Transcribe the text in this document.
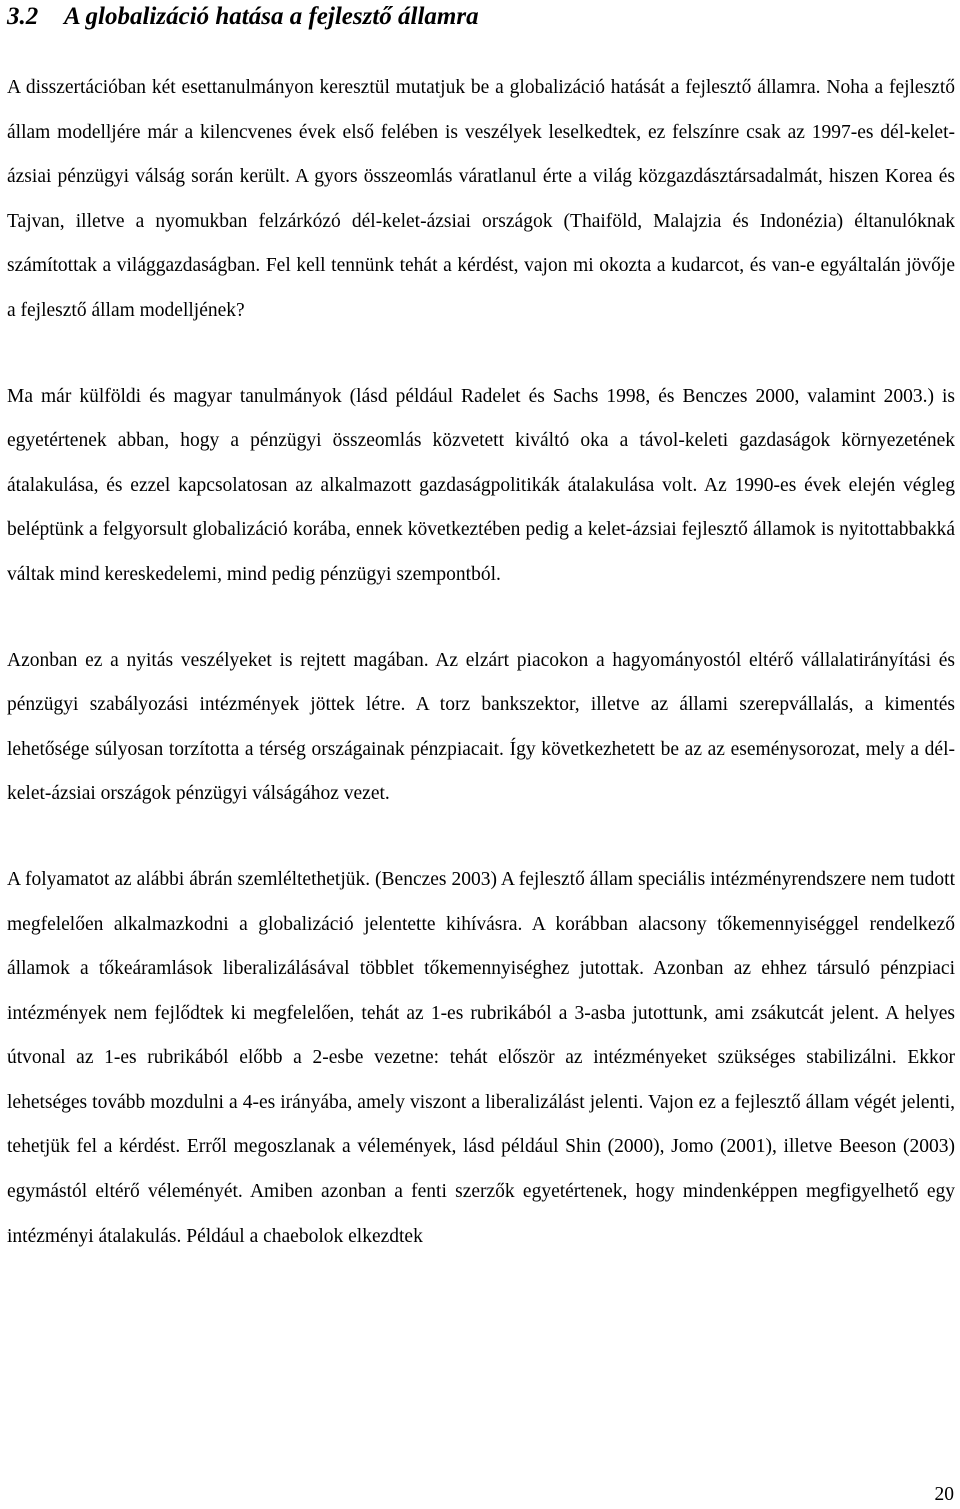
3.2 A globalizáció hatása a fejlesztő államra

A disszertációban két esettanulmányon keresztül mutatjuk be a globalizáció hatását a fejlesztő államra. Noha a fejlesztő állam modelljére már a kilencvenes évek első felében is veszélyek leselkedtek, ez felszínre csak az 1997-es dél-kelet-ázsiai pénzügyi válság során került. A gyors összeomlás váratlanul érte a világ közgazdásztársadalmát, hiszen Korea és Tajvan, illetve a nyomukban felzárkózó dél-kelet-ázsiai országok (Thaiföld, Malajzia és Indonézia) éltanulóknak számítottak a világgazdaságban. Fel kell tennünk tehát a kérdést, vajon mi okozta a kudarcot, és van-e egyáltalán jövője a fejlesztő állam modelljének?

Ma már külföldi és magyar tanulmányok (lásd például Radelet és Sachs 1998, és Benczes 2000, valamint 2003.) is egyetértenek abban, hogy a pénzügyi összeomlás közvetett kiváltó oka a távol-keleti gazdaságok környezetének átalakulása, és ezzel kapcsolatosan az alkalmazott gazdaságpolitikák átalakulása volt. Az 1990-es évek elején végleg beléptünk a felgyorsult globalizáció korába, ennek következtében pedig a kelet-ázsiai fejlesztő államok is nyitottabbakká váltak mind kereskedelemi, mind pedig pénzügyi szempontból.

Azonban ez a nyitás veszélyeket is rejtett magában. Az elzárt piacokon a hagyományostól eltérő vállalatirányítási és pénzügyi szabályozási intézmények jöttek létre. A torz bankszektor, illetve az állami szerepvállalás, a kimentés lehetősége súlyosan torzította a térség országainak pénzpiacait. Így következhetett be az az eseménysorozat, mely a dél-kelet-ázsiai országok pénzügyi válságához vezet.

A folyamatot az alábbi ábrán szemléltethetjük. (Benczes 2003) A fejlesztő állam speciális intézményrendszere nem tudott megfelelően alkalmazkodni a globalizáció jelentette kihívásra. A korábban alacsony tőkemennyiséggel rendelkező államok a tőkeáramlások liberalizálásával többlet tőkemennyiséghez jutottak. Azonban az ehhez társuló pénzpiaci intézmények nem fejlődtek ki megfelelően, tehát az 1-es rubrikából a 3-asba jutottunk, ami zsákutcát jelent. A helyes útvonal az 1-es rubrikából előbb a 2-esbe vezetne: tehát először az intézményeket szükséges stabilizálni. Ekkor lehetséges tovább mozdulni a 4-es irányába, amely viszont a liberalizálást jelenti. Vajon ez a fejlesztő állam végét jelenti, tehetjük fel a kérdést. Erről megoszlanak a vélemények, lásd például Shin (2000), Jomo (2001), illetve Beeson (2003) egymástól eltérő véleményét. Amiben azonban a fenti szerzők egyetértenek, hogy mindenképpen megfigyelhető egy intézményi átalakulás. Például a chaebolok elkezdtek

20
